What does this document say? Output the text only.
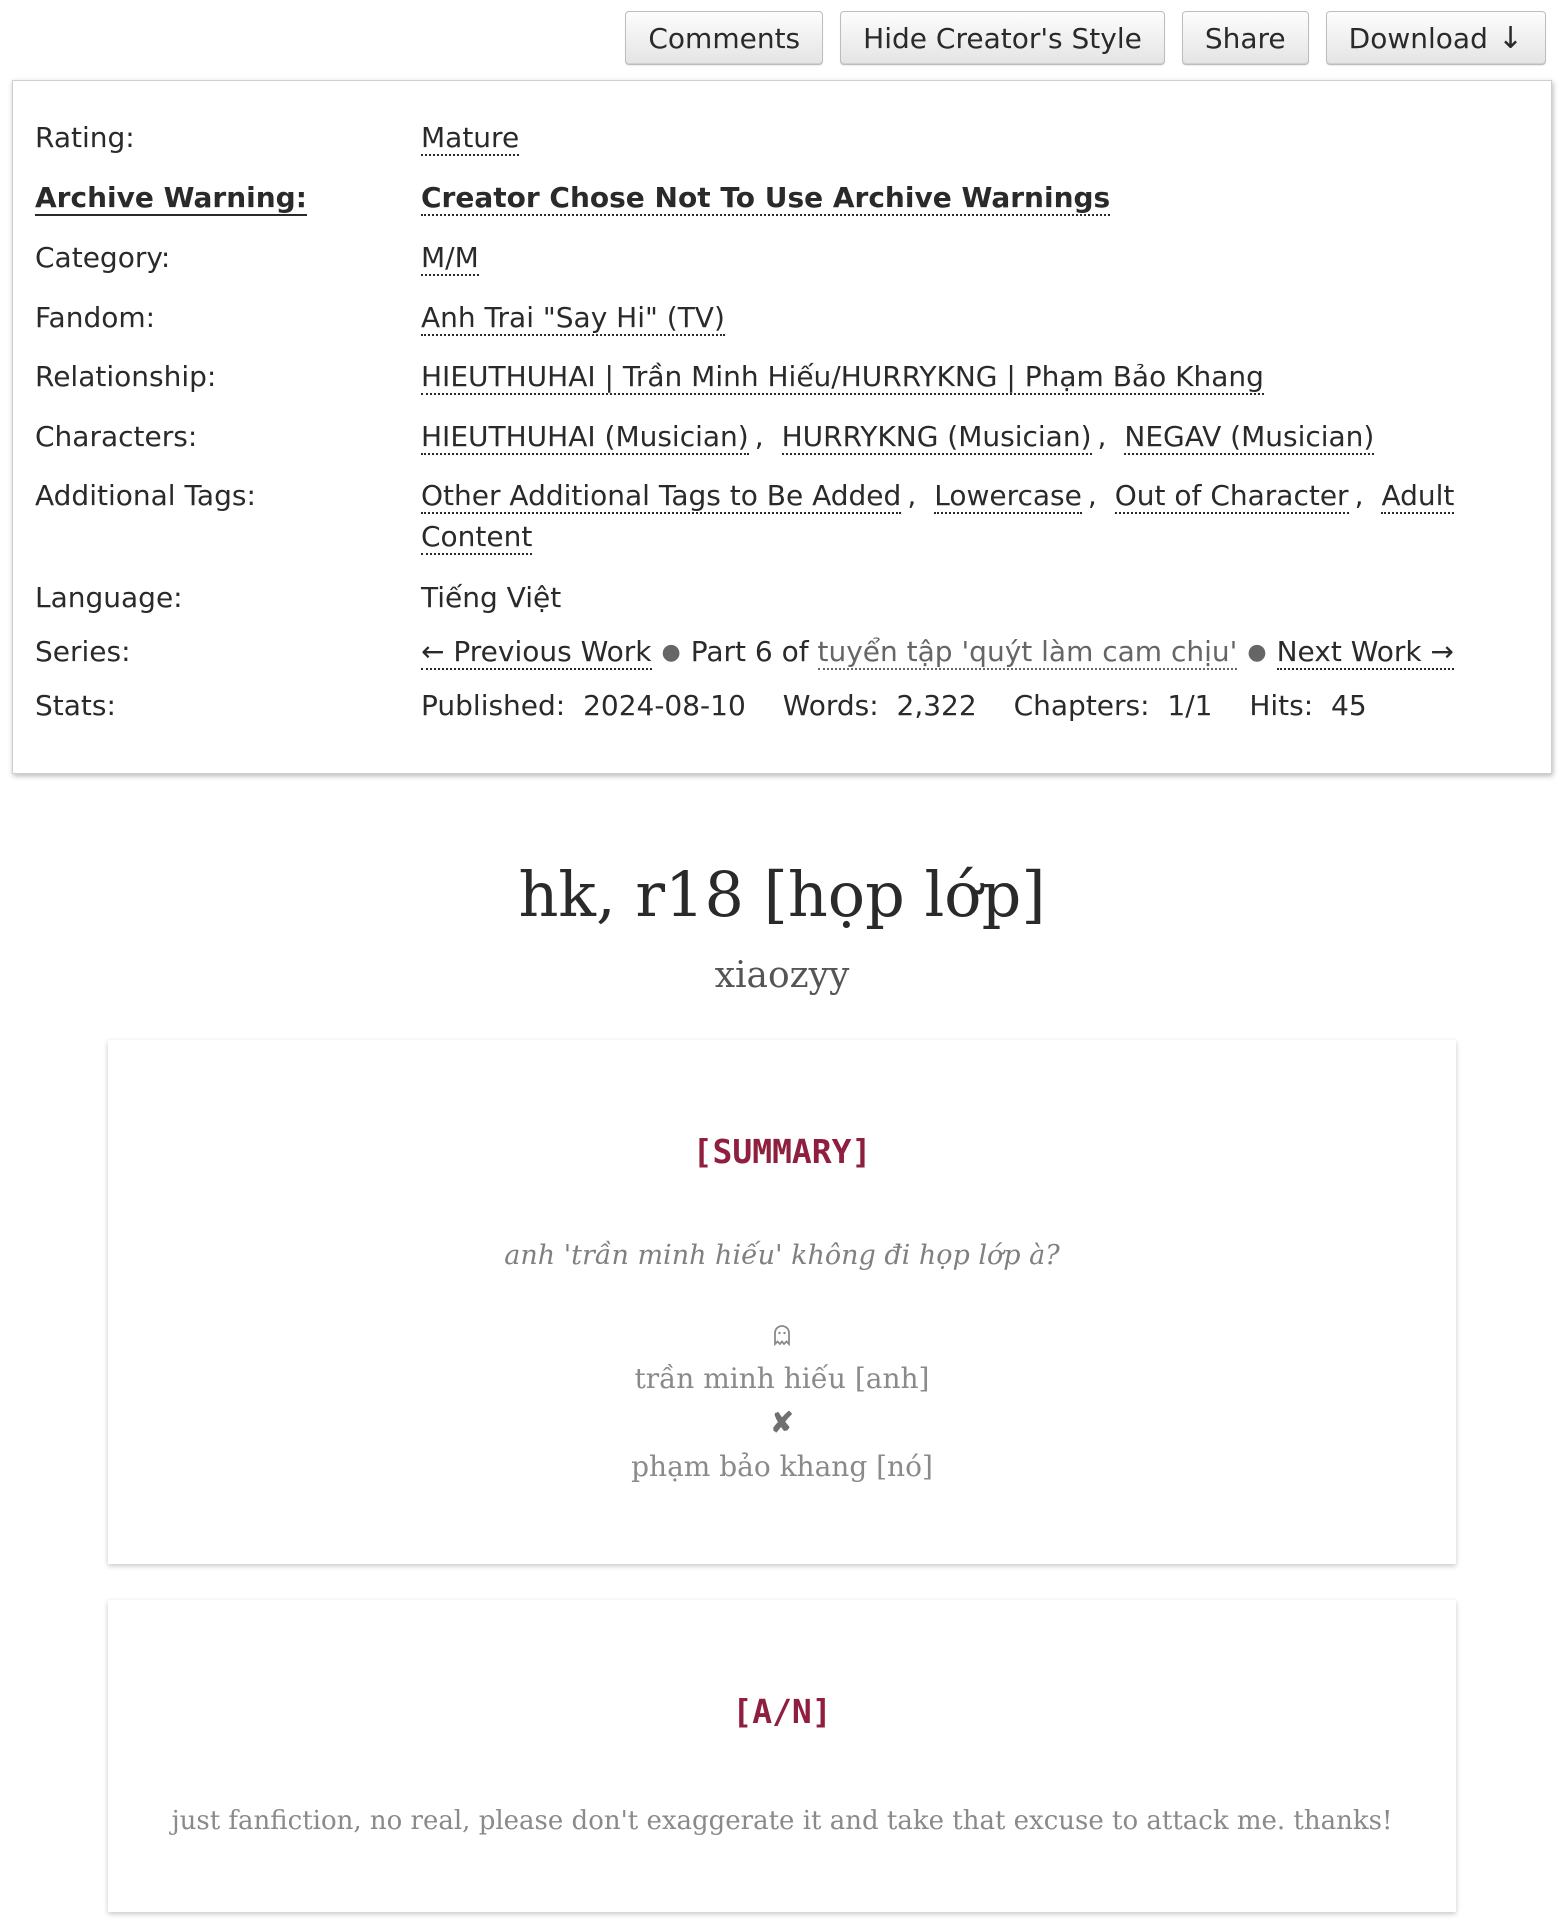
Comments Hide Creator's Style Share Download ↓
Rating:	Mature
Archive Warning:	Creator Chose Not To Use Archive Warnings
Category:	M/M
Fandom:	Anh Trai "Say Hi" (TV)
Relationship:	HIEUTHUHAI | Trần Minh Hiếu/HURRYKNG | Phạm Bảo Khang
Characters:	HIEUTHUHAI (Musician) , HURRYKNG (Musician) , NEGAV (Musician)
Additional Tags:	Other Additional Tags to Be Added , Lowercase , Out of Character , Adult Content
Language:	Tiếng Việt
Series:	← Previous Work ● Part 6 of tuyển tập 'quýt làm cam chịu' ● Next Work →
Stats:	Published: 2024-08-10 Words: 2,322 Chapters: 1/1 Hits: 45
hk, r18 [họp lớp]
xiaozyy
[SUMMARY]
anh 'trần minh hiếu' không đi họp lớp à?
trần minh hiếu [anh]
✘
phạm bảo khang [nó]
[A/N]
just fanfiction, no real, please don't exaggerate it and take that excuse to attack me. thanks!
